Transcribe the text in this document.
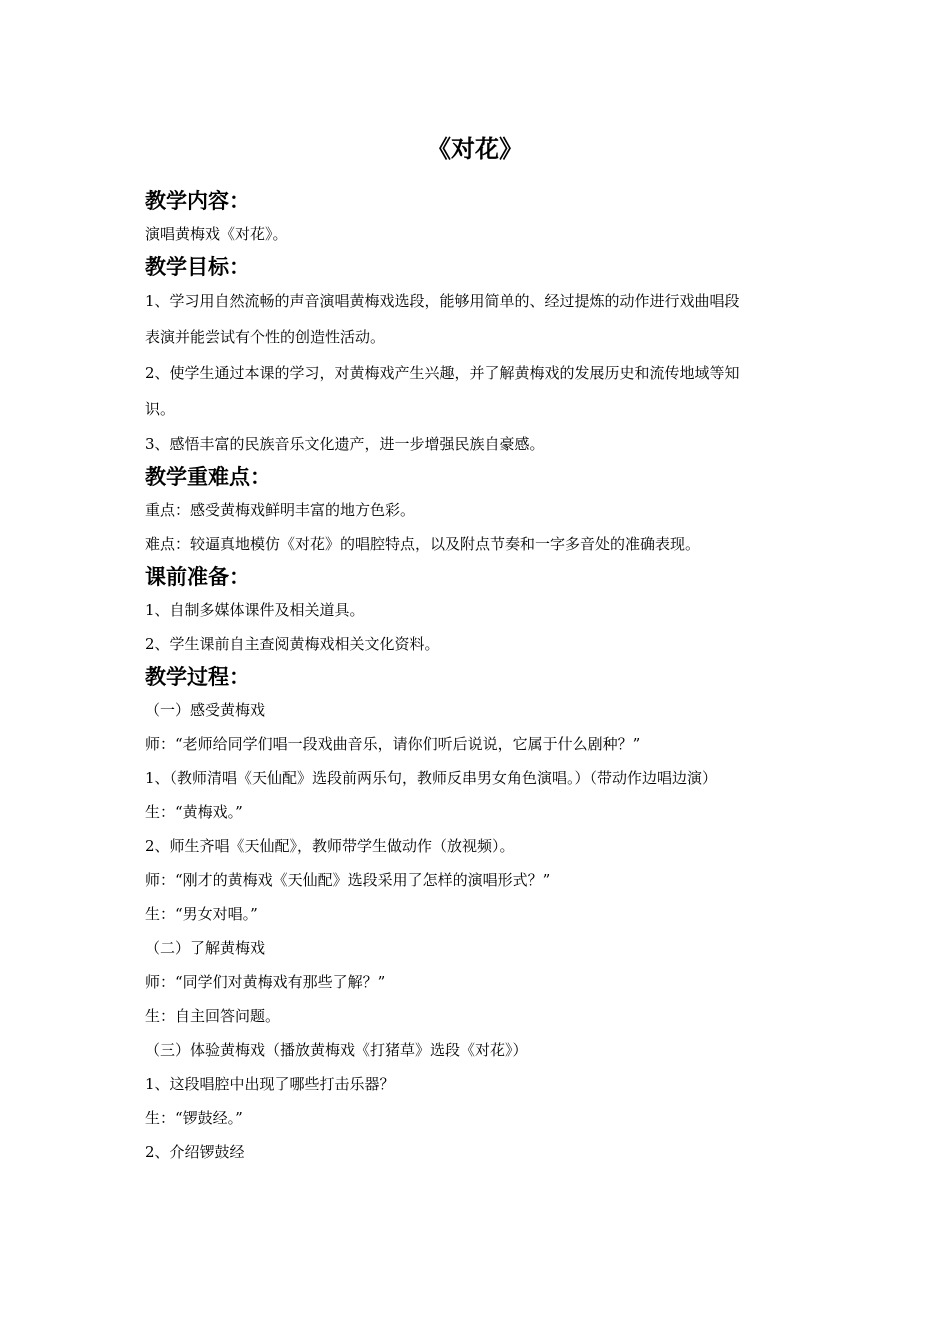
《对花》
教学内容：
演唱黄梅戏《对花》。
教学目标：
1、学习用自然流畅的声音演唱黄梅戏选段，能够用简单的、经过提炼的动作进行戏曲唱段
表演并能尝试有个性的创造性活动。
2、使学生通过本课的学习，对黄梅戏产生兴趣，并了解黄梅戏的发展历史和流传地域等知
识。
3、感悟丰富的民族音乐文化遗产，进一步增强民族自豪感。
教学重难点：
重点：感受黄梅戏鲜明丰富的地方色彩。
难点：较逼真地模仿《对花》的唱腔特点，以及附点节奏和一字多音处的准确表现。
课前准备：
1、自制多媒体课件及相关道具。
2、学生课前自主查阅黄梅戏相关文化资料。
教学过程：
（一）感受黄梅戏
师：“老师给同学们唱一段戏曲音乐，请你们听后说说，它属于什么剧种？”
1、（教师清唱《天仙配》选段前两乐句，教师反串男女角色演唱。）（带动作边唱边演）
生：“黄梅戏。”
2、师生齐唱《天仙配》，教师带学生做动作（放视频）。
师：“刚才的黄梅戏《天仙配》选段采用了怎样的演唱形式？”
生：“男女对唱。”
（二）了解黄梅戏
师：“同学们对黄梅戏有那些了解？”
生：自主回答问题。
（三）体验黄梅戏（播放黄梅戏《打猪草》选段《对花》）
1、这段唱腔中出现了哪些打击乐器？
生：“锣鼓经。”
2、介绍锣鼓经
